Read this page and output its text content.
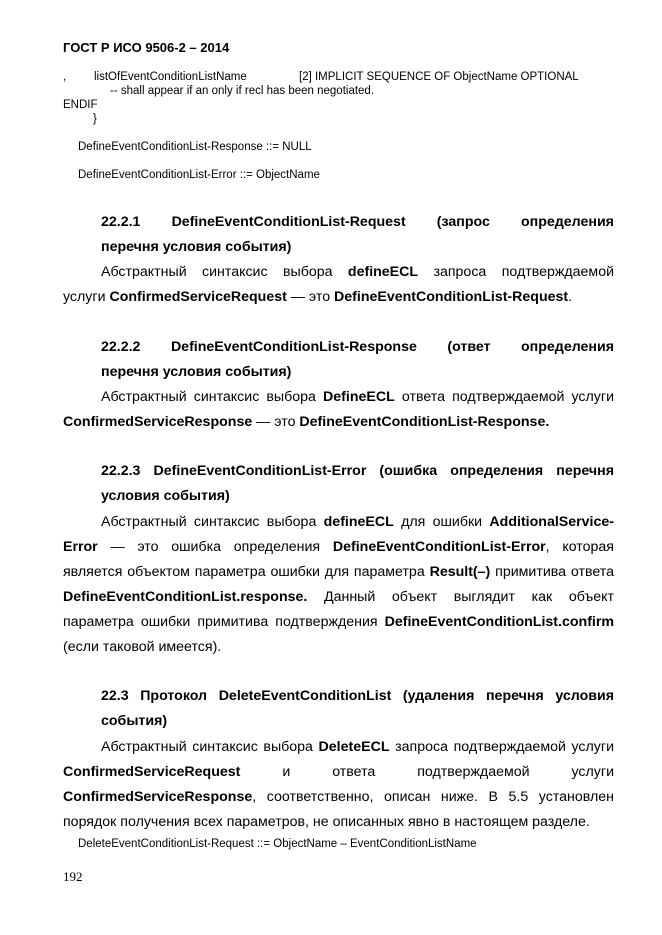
ГОСТ Р ИСО 9506-2 – 2014
, listOfEventConditionListName	[2] IMPLICIT SEQUENCE OF ObjectName OPTIONAL
-- shall appear if an only if recl has been negotiated.
ENDIF
}
DefineEventConditionList-Response ::= NULL
DefineEventConditionList-Error ::= ObjectName
22.2.1 DefineEventConditionList-Request (запрос определения
перечня условия события)
Абстрактный синтаксис выбора defineECL запроса подтверждаемой
услуги ConfirmedServiceRequest — это DefineEventConditionList-Request.
22.2.2 DefineEventConditionList-Response (ответ определения
перечня условия события)
Абстрактный синтаксис выбора DefineECL ответа подтверждаемой услуги
ConfirmedServiceResponse — это DefineEventConditionList-Response.
22.2.3 DefineEventConditionList-Error (ошибка определения перечня
условия события)
Абстрактный синтаксис выбора defineECL для ошибки AdditionalService-Error — это ошибка определения DefineEventConditionList-Error, которая является объектом параметра ошибки для параметра Result(–) примитива ответа DefineEventConditionList.response. Данный объект выглядит как объект параметра ошибки примитива подтверждения DefineEventConditionList.confirm (если таковой имеется).
22.3 Протокол DeleteEventConditionList (удаления перечня условия
события)
Абстрактный синтаксис выбора DeleteECL запроса подтверждаемой услуги ConfirmedServiceRequest и ответа подтверждаемой услуги ConfirmedServiceResponse, соответственно, описан ниже. В 5.5 установлен порядок получения всех параметров, не описанных явно в настоящем разделе.
DeleteEventConditionList-Request ::= ObjectName – EventConditionListName
192
